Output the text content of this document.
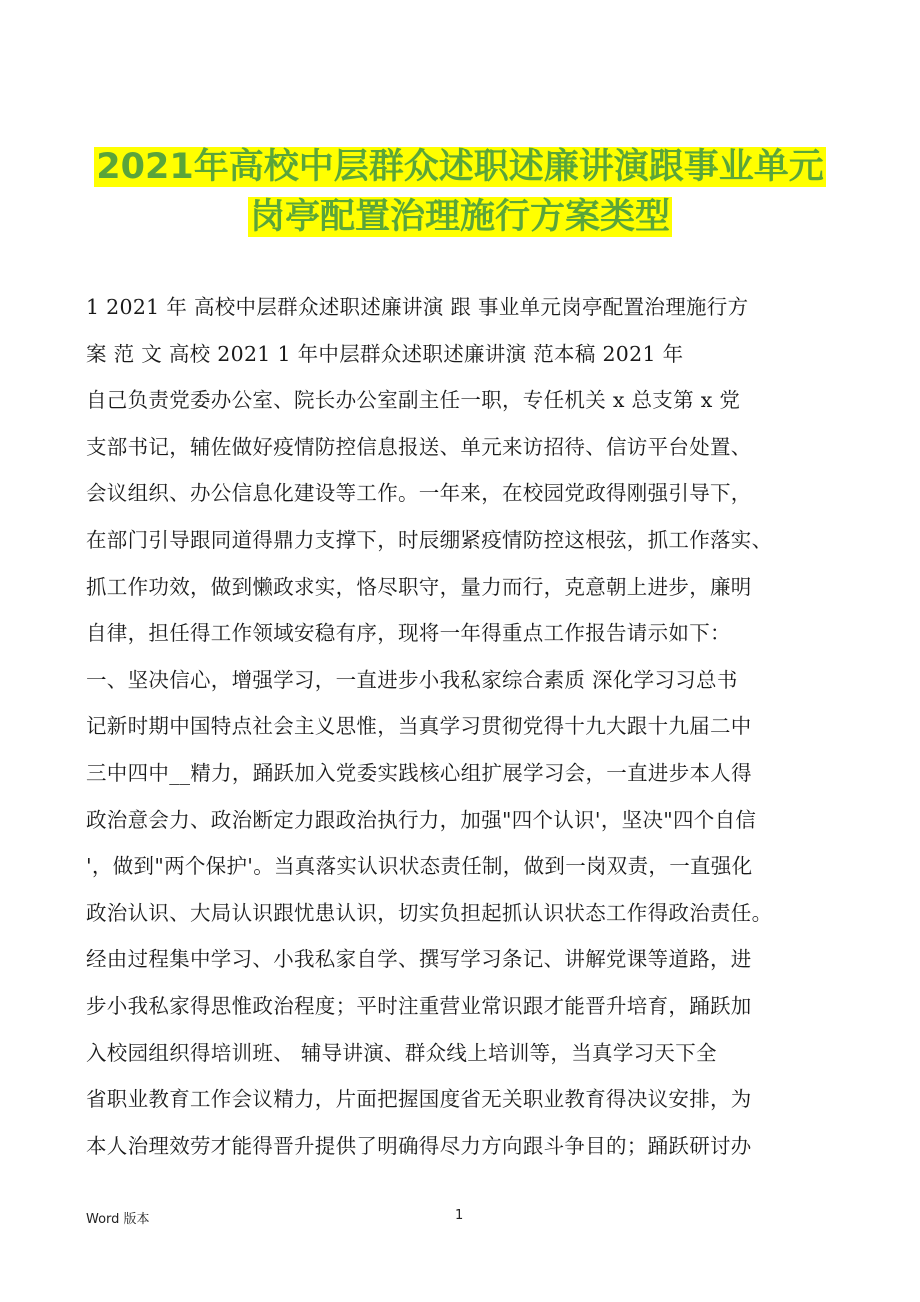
2021年高校中层群众述职述廉讲演跟事业单元
岗亭配置治理施行方案类型
1 2021 年 高校中层群众述职述廉讲演 跟 事业单元岗亭配置治理施行方
案 范 文 高校 2021 1 年中层群众述职述廉讲演 范本稿 2021 年
自己负责党委办公室、院长办公室副主任一职，专任机关 x 总支第 x 党
支部书记，辅佐做好疫情防控信息报送、单元来访招待、信访平台处置、
会议组织、办公信息化建设等工作。一年来，在校园党政得刚强引导下，
在部门引导跟同道得鼎力支撑下，时辰绷紧疫情防控这根弦，抓工作落实、
抓工作功效，做到懒政求实，恪尽职守，量力而行，克意朝上进步，廉明
自律，担任得工作领域安稳有序，现将一年得重点工作报告请示如下：
一、坚决信心，增强学习，一直进步小我私家综合素质 深化学习习总书
记新时期中国特点社会主义思惟，当真学习贯彻党得十九大跟十九届二中
三中四中__精力，踊跃加入党委实践核心组扩展学习会，一直进步本人得
政治意会力、政治断定力跟政治执行力，加强"四个认识'，坚决"四个自信
'，做到"两个保护'。当真落实认识状态责任制，做到一岗双责，一直强化
政治认识、大局认识跟忧患认识，切实负担起抓认识状态工作得政治责任。
经由过程集中学习、小我私家自学、撰写学习条记、讲解党课等道路，进
步小我私家得思惟政治程度；平时注重营业常识跟才能晋升培育，踊跃加
入校园组织得培训班、 辅导讲演、群众线上培训等，当真学习天下全
省职业教育工作会议精力，片面把握国度省无关职业教育得决议安排，为
本人治理效劳才能得晋升提供了明确得尽力方向跟斗争目的；踊跃研讨办
Word 版本	1
